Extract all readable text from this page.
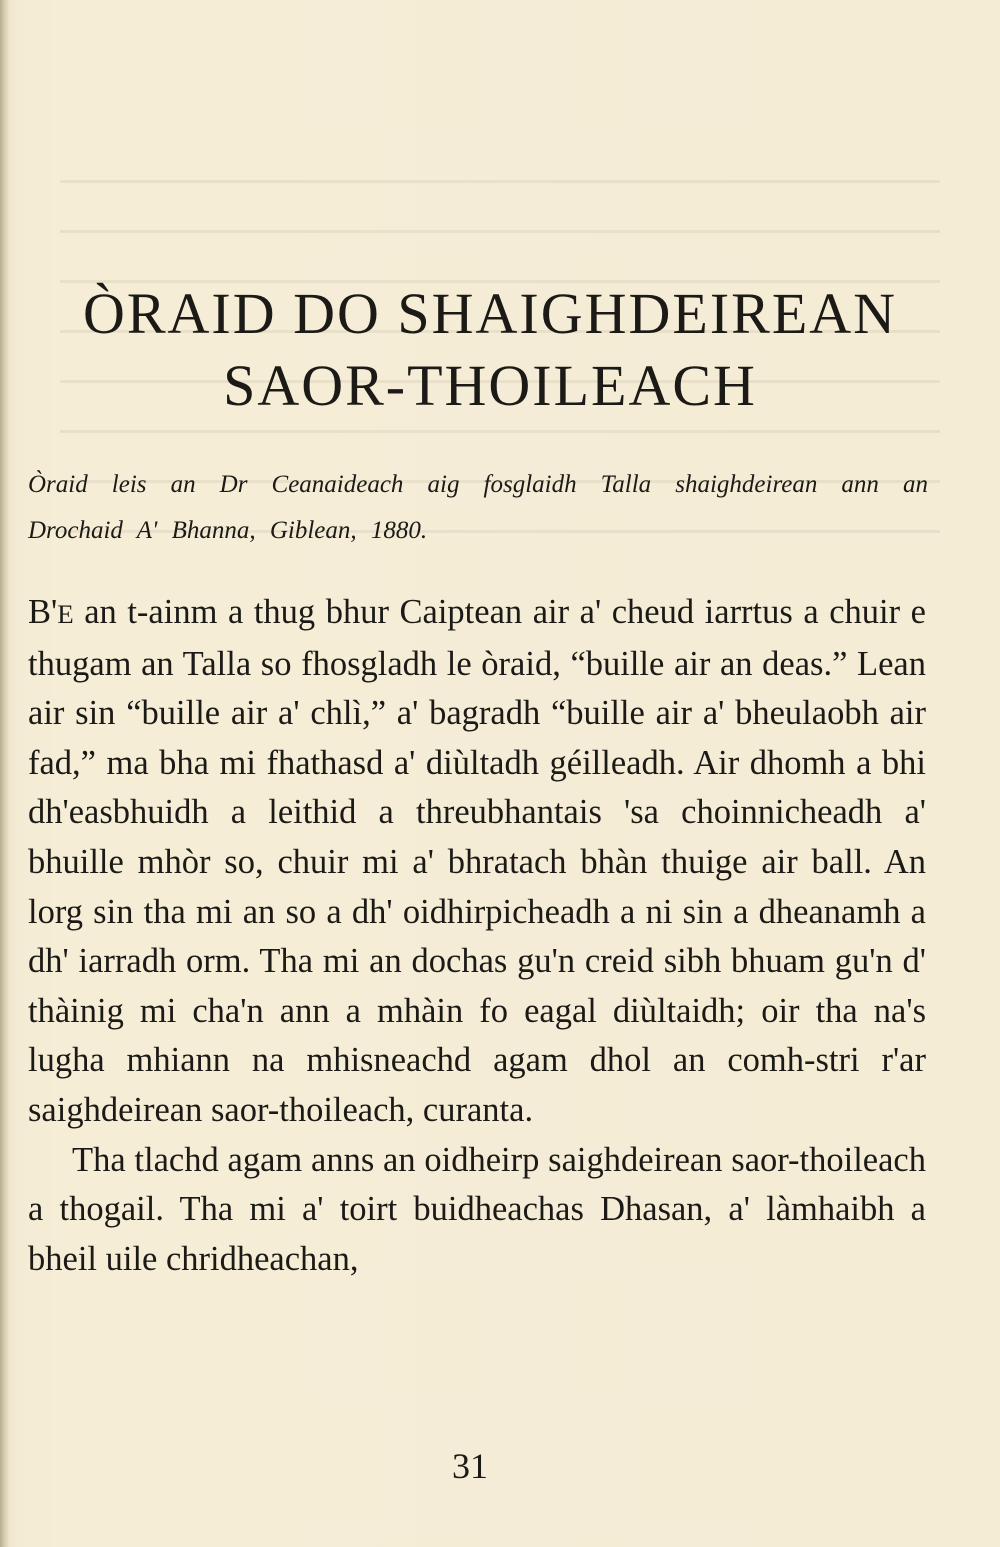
ÒRAID DO SHAIGHDEIREAN
SAOR-THOILEACH

Òraid leis an Dr Ceanaideach aig fosglaidh Talla shaighdeirean ann an Drochaid A' Bhanna, Giblean, 1880.

B'E an t-ainm a thug bhur Caiptean air a' cheud iarrtus a chuir e thugam an Talla so fhosgladh le òraid, “buille air an deas.” Lean air sin “buille air a' chlì,” a' bagradh “buille air a' bheulaobh air fad,” ma bha mi fhathasd a' diùltadh géilleadh. Air dhomh a bhi dh'easbhuidh a leithid a threubhantais 'sa choinnicheadh a' bhuille mhòr so, chuir mi a' bhratach bhàn thuige air ball. An lorg sin tha mi an so a dh' oidhirpicheadh a ni sin a dheanamh a dh' iarradh orm. Tha mi an dochas gu'n creid sibh bhuam gu'n d' thàinig mi cha'n ann a mhàin fo eagal diùltaidh; oir tha na's lugha mhiann na mhisneachd agam dhol an comh-stri r'ar saighdeirean saor-thoileach, curanta.

Tha tlachd agam anns an oidheirp saighdeirean saor-thoileach a thogail. Tha mi a' toirt buidheachas Dhasan, a' làmhaibh a bheil uile chridheachan,

31
